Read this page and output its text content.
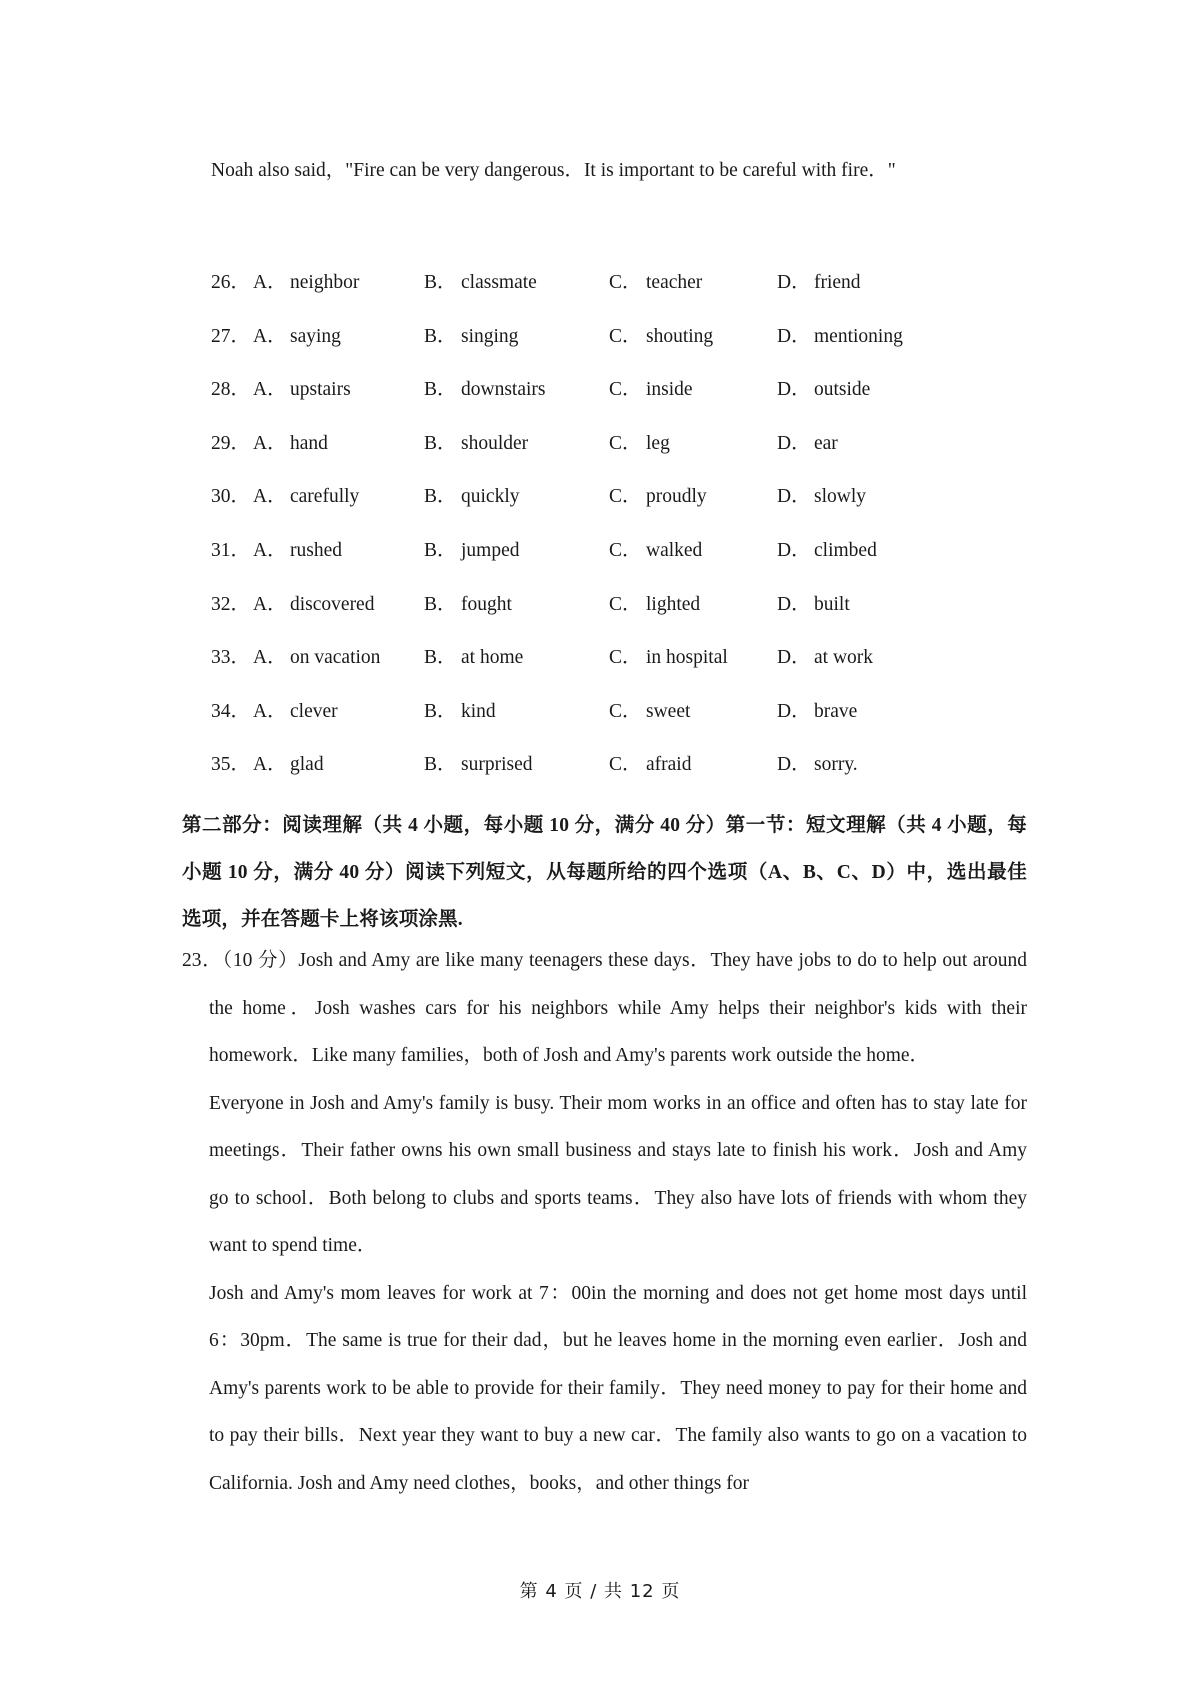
Noah also said，"Fire can be very dangerous．It is important to be careful with fire．"
26． A． neighbor	B． classmate	C． teacher	D． friend
27． A． saying	B． singing	C． shouting	D． mentioning
28． A． upstairs	B． downstairs	C． inside	D． outside
29． A． hand	B． shoulder	C． leg	D． ear
30． A． carefully	B． quickly	C． proudly	D． slowly
31． A． rushed	B． jumped	C． walked	D． climbed
32． A． discovered	B． fought	C． lighted	D． built
33． A． on vacation B． at home	C． in hospital	D． at work
34． A． clever	B． kind	C． sweet	D． brave
35． A． glad	B． surprised	C． afraid	D． sorry.

第二部分：阅读理解（共 4 小题，每小题 10 分，满分 40 分）第一节：短文理解（共 4 小题，每小题 10 分，满分 40 分）阅读下列短文，从每题所给的四个选项（A、B、C、D）中，选出最佳选项，并在答题卡上将该项涂黑.

23．（10 分）Josh and Amy are like many teenagers these days．They have jobs to do to help out around the home．Josh washes cars for his neighbors while Amy helps their neighbor's kids with their homework．Like many families，both of Josh and Amy's parents work outside the home．

Everyone in Josh and Amy's family is busy. Their mom works in an office and often has to stay late for meetings．Their father owns his own small business and stays late to finish his work．Josh and Amy go to school．Both belong to clubs and sports teams．They also have lots of friends with whom they want to spend time．

Josh and Amy's mom leaves for work at 7：00in the morning and does not get home most days until 6：30pm．The same is true for their dad，but he leaves home in the morning even earlier．Josh and Amy's parents work to be able to provide for their family．They need money to pay for their home and to pay their bills．Next year they want to buy a new car．The family also wants to go on a vacation to California. Josh and Amy need clothes，books，and other things for

第 4 页 / 共 12 页
